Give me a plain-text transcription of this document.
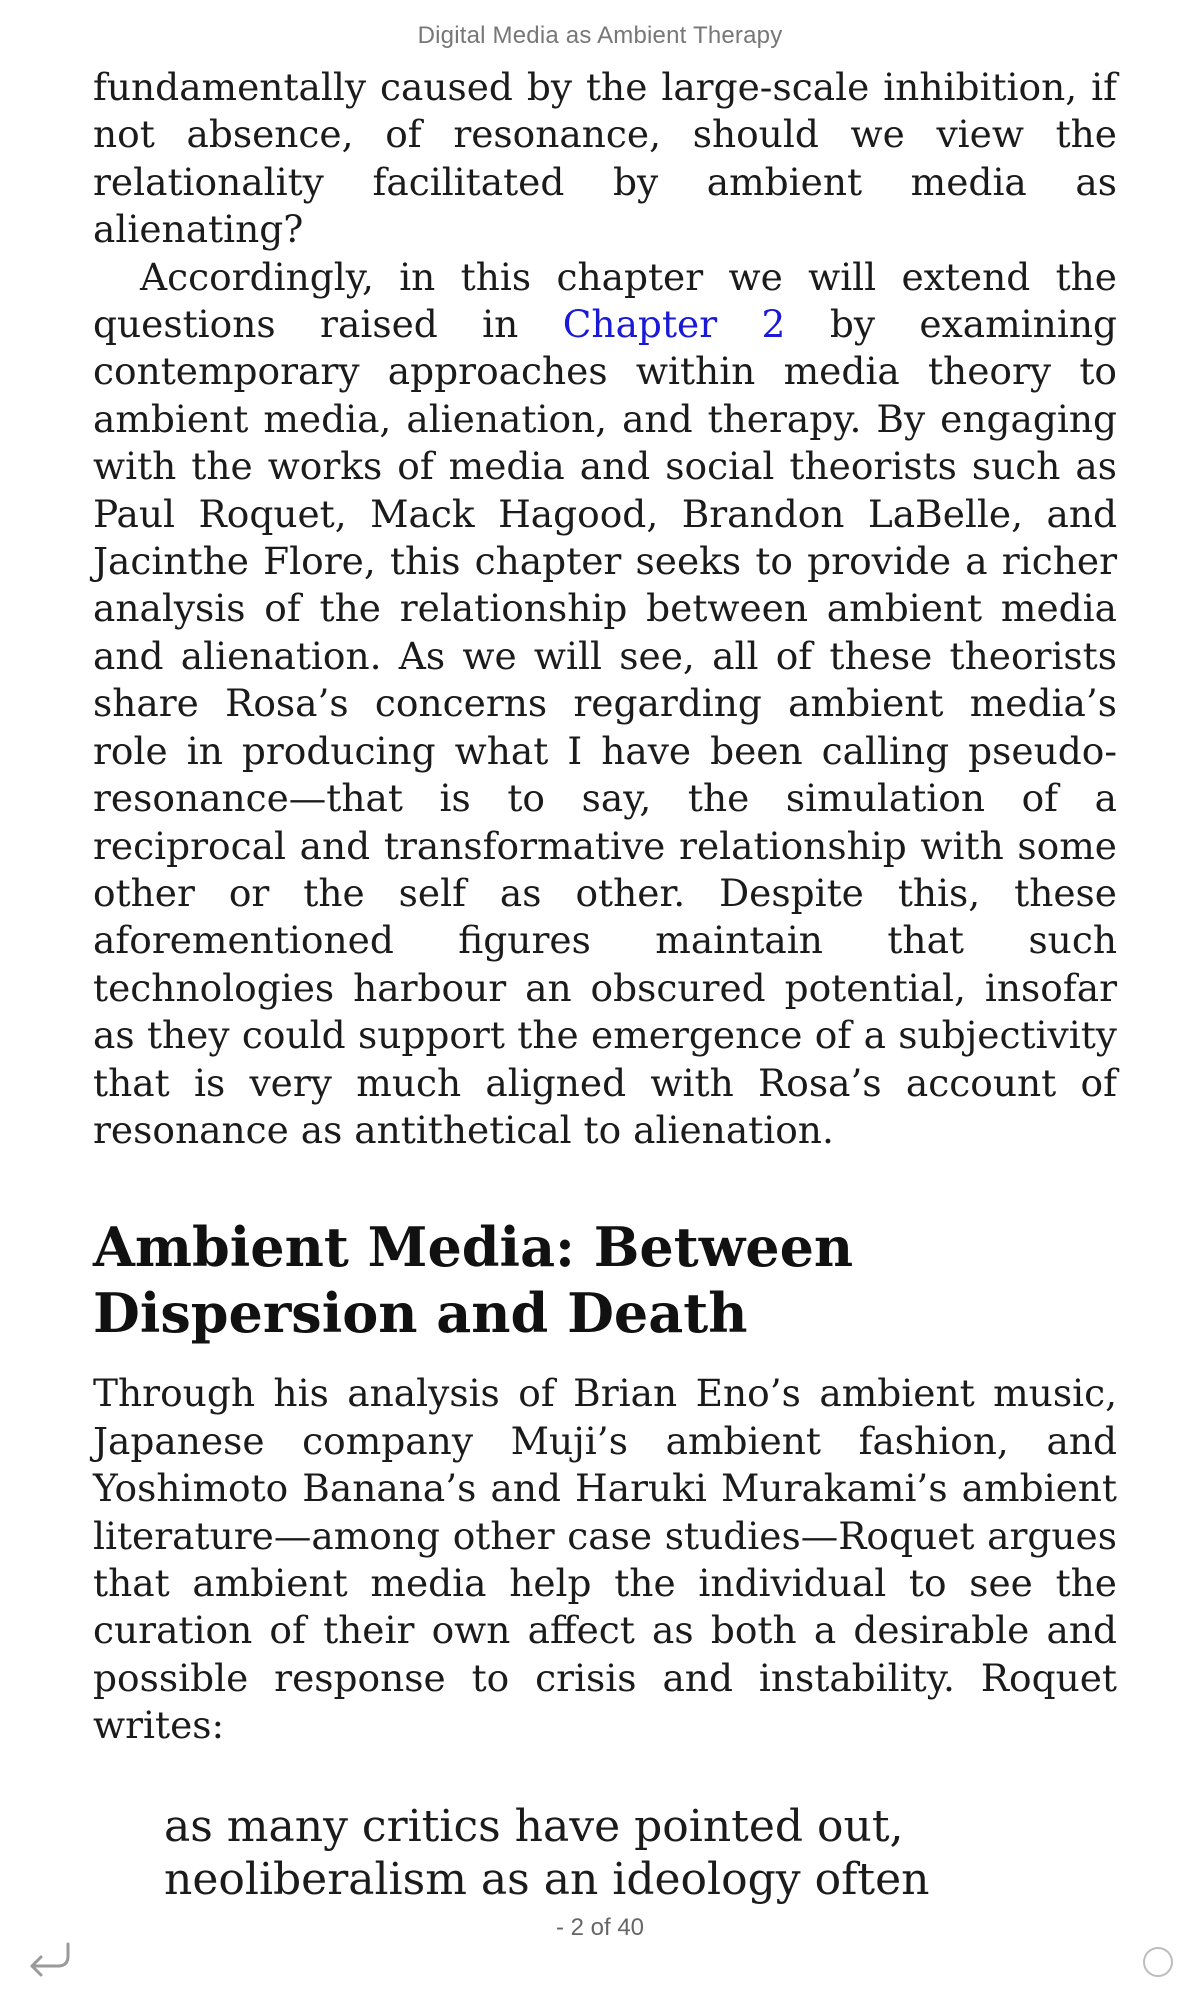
Digital Media as Ambient Therapy

fundamentally caused by the large-scale inhibition, if not absence, of resonance, should we view the relationality facilitated by ambient media as alienating?

Accordingly, in this chapter we will extend the questions raised in Chapter 2 by examining contemporary approaches within media theory to ambient media, alienation, and therapy. By engaging with the works of media and social theorists such as Paul Roquet, Mack Hagood, Brandon LaBelle, and Jacinthe Flore, this chapter seeks to provide a richer analysis of the relationship between ambient media and alienation. As we will see, all of these theorists share Rosa’s concerns regarding ambient media’s role in producing what I have been calling pseudo-resonance—that is to say, the simulation of a reciprocal and transformative relationship with some other or the self as other. Despite this, these aforementioned figures maintain that such technologies harbour an obscured potential, insofar as they could support the emergence of a subjectivity that is very much aligned with Rosa’s account of resonance as antithetical to alienation.

Ambient Media: Between Dispersion and Death

Through his analysis of Brian Eno’s ambient music, Japanese company Muji’s ambient fashion, and Yoshimoto Banana’s and Haruki Murakami’s ambient literature—among other case studies—Roquet argues that ambient media help the individual to see the curation of their own affect as both a desirable and possible response to crisis and instability. Roquet writes:

as many critics have pointed out,
neoliberalism as an ideology often
- 2 of 40
